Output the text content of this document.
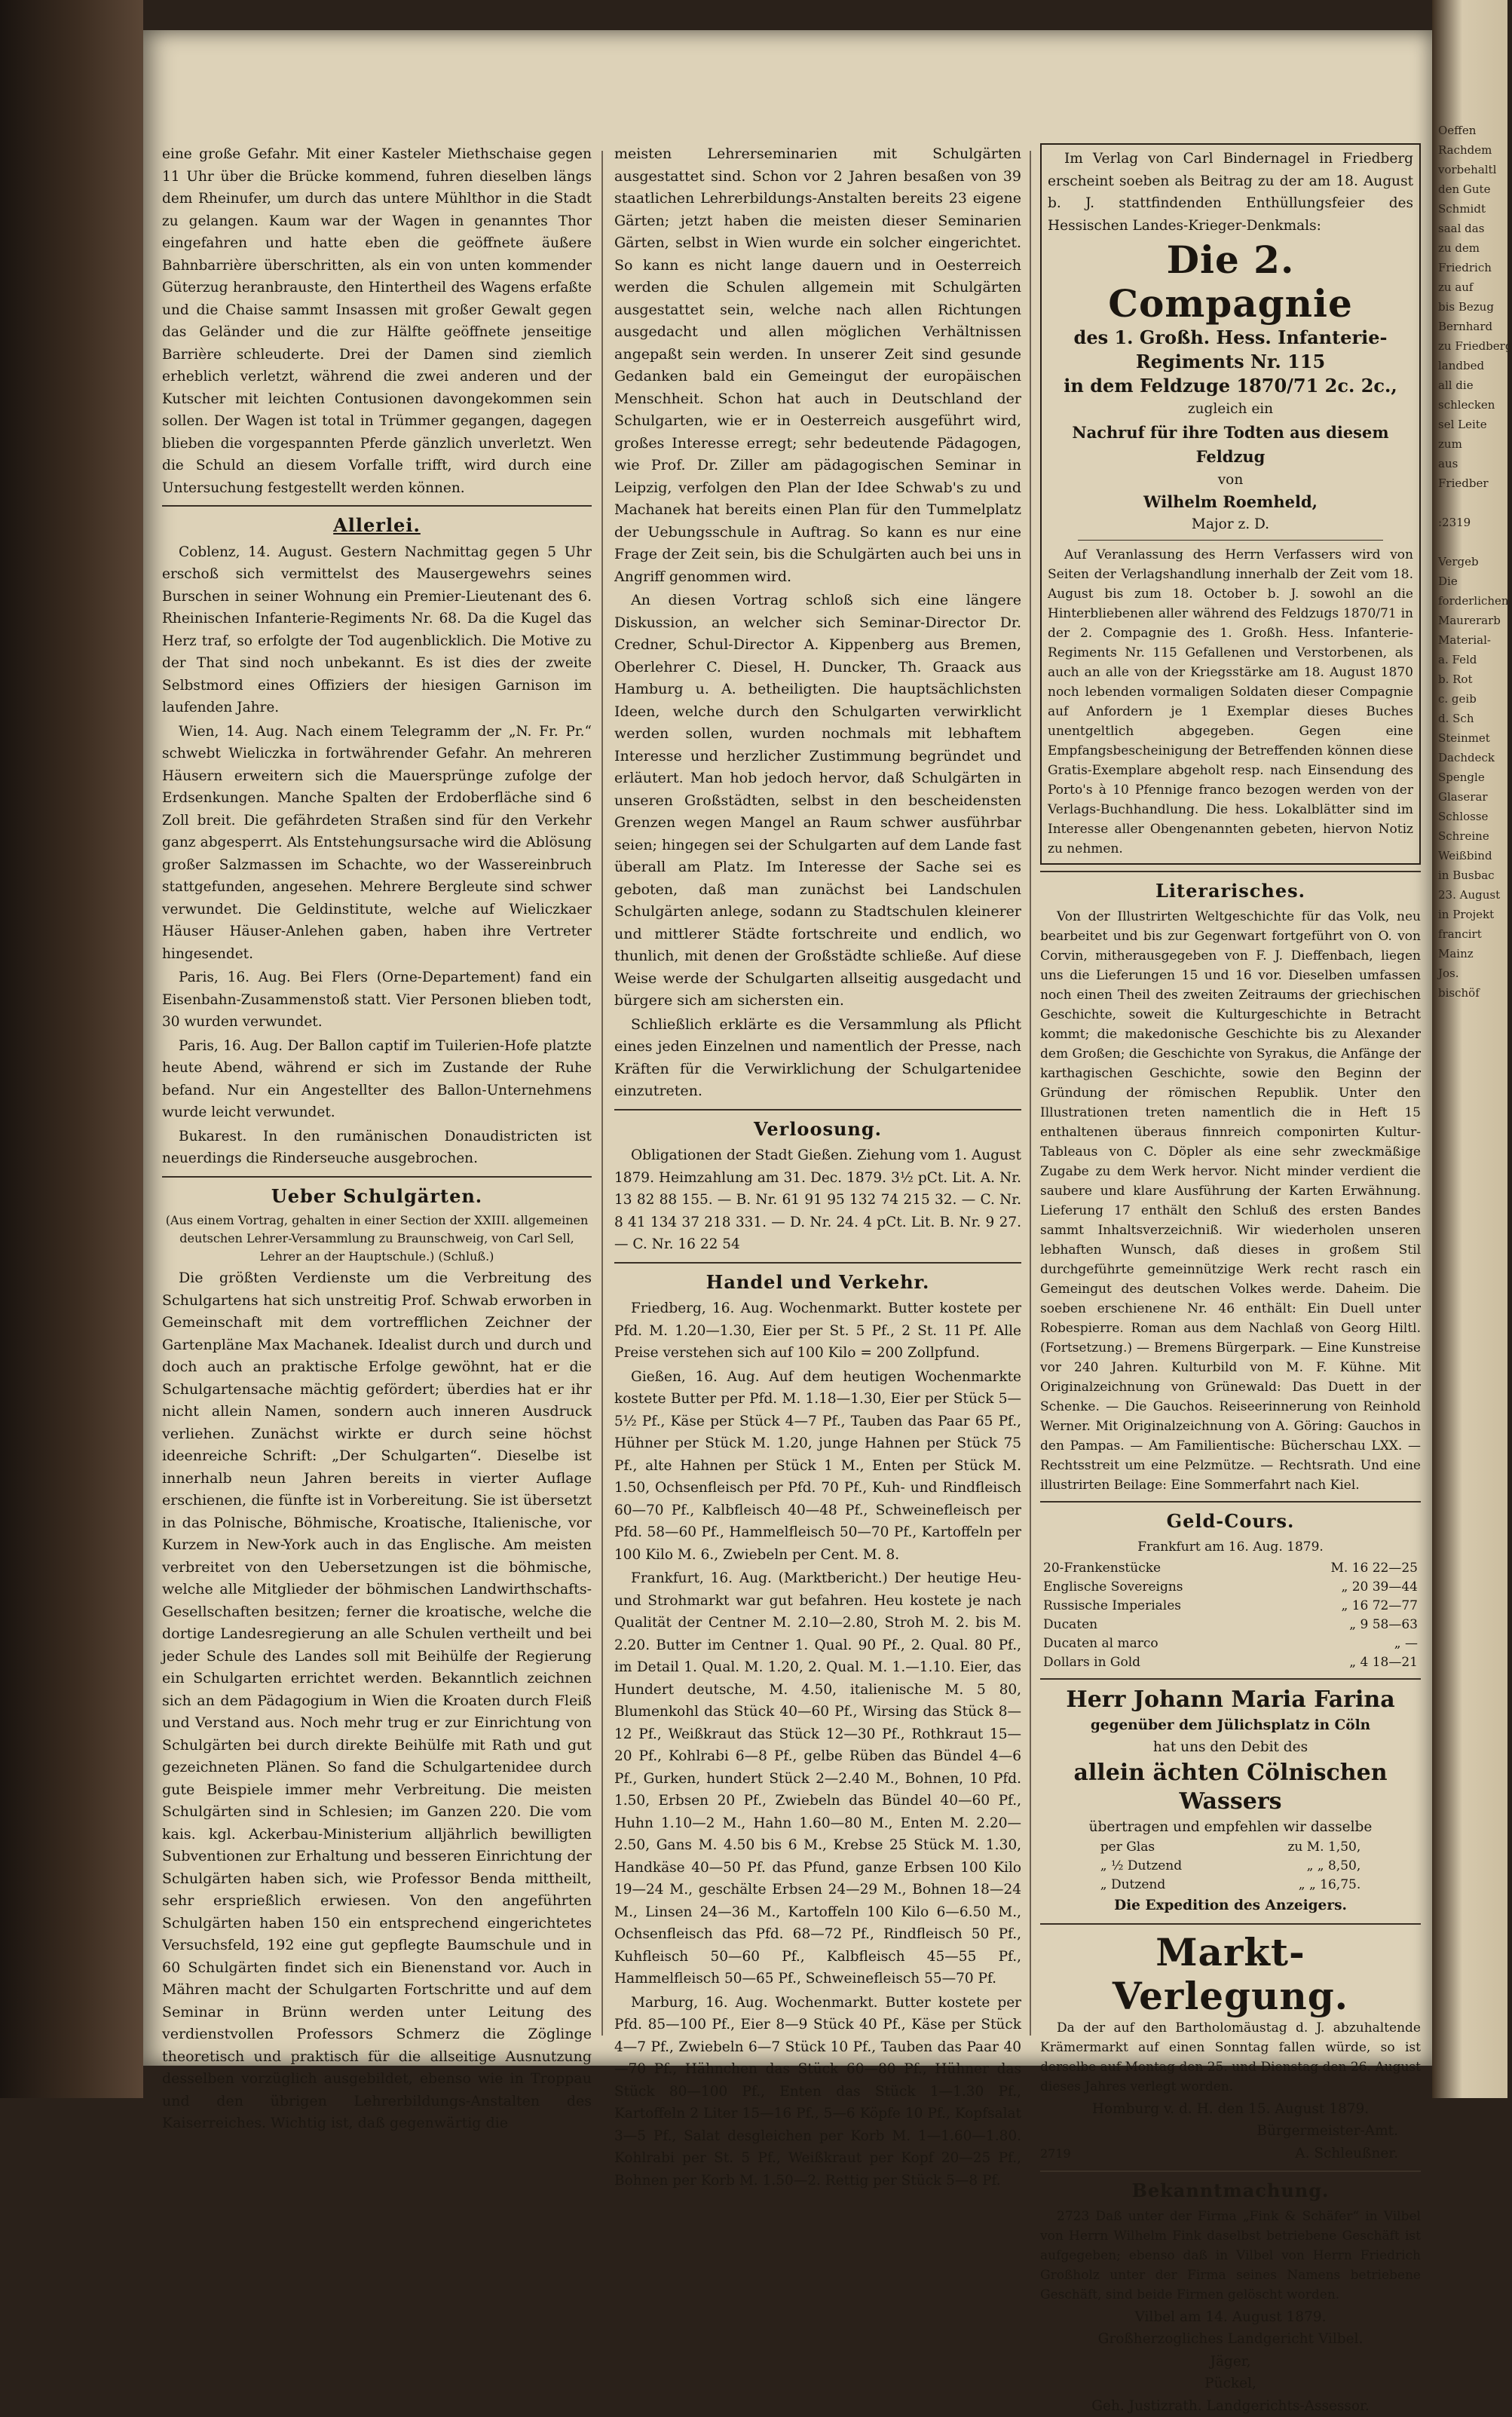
eine große Gefahr. Mit einer Kasteler Miethschaise gegen 11 Uhr über die Brücke kommend, fuhren dieselben längs dem Rheinufer, um durch das untere Mühlthor in die Stadt zu gelangen. Kaum war der Wagen in genanntes Thor eingefahren und hatte eben die geöffnete äußere Bahnbarrière überschritten, als ein von unten kommender Güterzug heranbrauste, den Hintertheil des Wagens erfaßte und die Chaise sammt Insassen mit großer Gewalt gegen das Geländer und die zur Hälfte geöffnete jenseitige Barrière schleuderte. Drei der Damen sind ziemlich erheblich verletzt, während die zwei anderen und der Kutscher mit leichten Contusionen davongekommen sein sollen. Der Wagen ist total in Trümmer gegangen, dagegen blieben die vorgespannten Pferde gänzlich unverletzt. Wen die Schuld an diesem Vorfalle trifft, wird durch eine Untersuchung festgestellt werden können.

Allerlei.

Coblenz, 14. August. Gestern Nachmittag gegen 5 Uhr erschoß sich vermittelst des Mausergewehrs seines Burschen in seiner Wohnung ein Premier-Lieutenant des 6. Rheinischen Infanterie-Regiments Nr. 68. Da die Kugel das Herz traf, so erfolgte der Tod augenblicklich. Die Motive zu der That sind noch unbekannt. Es ist dies der zweite Selbstmord eines Offiziers der hiesigen Garnison im laufenden Jahre.

Wien, 14. Aug. Nach einem Telegramm der „N. Fr. Pr.“ schwebt Wieliczka in fortwährender Gefahr. An mehreren Häusern erweitern sich die Mauersprünge zufolge der Erdsenkungen. Manche Spalten der Erdoberfläche sind 6 Zoll breit. Die gefährdeten Straßen sind für den Verkehr ganz abgesperrt. Als Entstehungsursache wird die Ablösung großer Salzmassen im Schachte, wo der Wassereinbruch stattgefunden, angesehen. Mehrere Bergleute sind schwer verwundet. Die Geldinstitute, welche auf Wieliczkaer Häuser Häuser-Anlehen gaben, haben ihre Vertreter hingesendet.

Paris, 16. Aug. Bei Flers (Orne-Departement) fand ein Eisenbahn-Zusammenstoß statt. Vier Personen blieben todt, 30 wurden verwundet.

Paris, 16. Aug. Der Ballon captif im Tuilerien-Hofe platzte heute Abend, während er sich im Zustande der Ruhe befand. Nur ein Angestellter des Ballon-Unternehmens wurde leicht verwundet.

Bukarest. In den rumänischen Donaudistricten ist neuerdings die Rinderseuche ausgebrochen.

Ueber Schulgärten.

(Aus einem Vortrag, gehalten in einer Section der XXIII. allgemeinen deutschen Lehrer-Versammlung zu Braunschweig, von Carl Sell, Lehrer an der Hauptschule.) (Schluß.)

Die größten Verdienste um die Verbreitung des Schulgartens hat sich unstreitig Prof. Schwab erworben in Gemeinschaft mit dem vortrefflichen Zeichner der Gartenpläne Max Machanek. Idealist durch und durch und doch auch an praktische Erfolge gewöhnt, hat er die Schulgartensache mächtig gefördert; überdies hat er ihr nicht allein Namen, sondern auch inneren Ausdruck verliehen. Zunächst wirkte er durch seine höchst ideenreiche Schrift: „Der Schulgarten“. Dieselbe ist innerhalb neun Jahren bereits in vierter Auflage erschienen, die fünfte ist in Vorbereitung. Sie ist übersetzt in das Polnische, Böhmische, Kroatische, Italienische, vor Kurzem in New-York auch in das Englische. Am meisten verbreitet von den Uebersetzungen ist die böhmische, welche alle Mitglieder der böhmischen Landwirthschafts-Gesellschaften besitzen; ferner die kroatische, welche die dortige Landesregierung an alle Schulen vertheilt und bei jeder Schule des Landes soll mit Beihülfe der Regierung ein Schulgarten errichtet werden. Bekanntlich zeichnen sich an dem Pädagogium in Wien die Kroaten durch Fleiß und Verstand aus. Noch mehr trug er zur Einrichtung von Schulgärten bei durch direkte Beihülfe mit Rath und gut gezeichneten Plänen. So fand die Schulgartenidee durch gute Beispiele immer mehr Verbreitung. Die meisten Schulgärten sind in Schlesien; im Ganzen 220. Die vom kais. kgl. Ackerbau-Ministerium alljährlich bewilligten Subventionen zur Erhaltung und besseren Einrichtung der Schulgärten haben sich, wie Professor Benda mittheilt, sehr ersprießlich erwiesen. Von den angeführten Schulgärten haben 150 ein entsprechend eingerichtetes Versuchsfeld, 192 eine gut gepflegte Baumschule und in 60 Schulgärten findet sich ein Bienenstand vor. Auch in Mähren macht der Schulgarten Fortschritte und auf dem Seminar in Brünn werden unter Leitung des verdienstvollen Professors Schmerz die Zöglinge theoretisch und praktisch für die allseitige Ausnutzung desselben vorzüglich ausgebildet, ebenso wie in Troppau und den übrigen Lehrerbildungs-Anstalten des Kaiserreiches. Wichtig ist, daß gegenwärtig die

meisten Lehrerseminarien mit Schulgärten ausgestattet sind. Schon vor 2 Jahren besaßen von 39 staatlichen Lehrerbildungs-Anstalten bereits 23 eigene Gärten; jetzt haben die meisten dieser Seminarien Gärten, selbst in Wien wurde ein solcher eingerichtet. So kann es nicht lange dauern und in Oesterreich werden die Schulen allgemein mit Schulgärten ausgestattet sein, welche nach allen Richtungen ausgedacht und allen möglichen Verhältnissen angepaßt sein werden. In unserer Zeit sind gesunde Gedanken bald ein Gemeingut der europäischen Menschheit. Schon hat auch in Deutschland der Schulgarten, wie er in Oesterreich ausgeführt wird, großes Interesse erregt; sehr bedeutende Pädagogen, wie Prof. Dr. Ziller am pädagogischen Seminar in Leipzig, verfolgen den Plan der Idee Schwab's zu und Machanek hat bereits einen Plan für den Tummelplatz der Uebungsschule in Auftrag. So kann es nur eine Frage der Zeit sein, bis die Schulgärten auch bei uns in Angriff genommen wird.

An diesen Vortrag schloß sich eine längere Diskussion, an welcher sich Seminar-Director Dr. Credner, Schul-Director A. Kippenberg aus Bremen, Oberlehrer C. Diesel, H. Duncker, Th. Graack aus Hamburg u. A. betheiligten. Die hauptsächlichsten Ideen, welche durch den Schulgarten verwirklicht werden sollen, wurden nochmals mit lebhaftem Interesse und herzlicher Zustimmung begründet und erläutert. Man hob jedoch hervor, daß Schulgärten in unseren Großstädten, selbst in den bescheidensten Grenzen wegen Mangel an Raum schwer ausführbar seien; hingegen sei der Schulgarten auf dem Lande fast überall am Platz. Im Interesse der Sache sei es geboten, daß man zunächst bei Landschulen Schulgärten anlege, sodann zu Stadtschulen kleinerer und mittlerer Städte fortschreite und endlich, wo thunlich, mit denen der Großstädte schließe. Auf diese Weise werde der Schulgarten allseitig ausgedacht und bürgere sich am sichersten ein.

Schließlich erklärte es die Versammlung als Pflicht eines jeden Einzelnen und namentlich der Presse, nach Kräften für die Verwirklichung der Schulgartenidee einzutreten.

Verloosung.

Obligationen der Stadt Gießen. Ziehung vom 1. August 1879. Heimzahlung am 31. Dec. 1879. 3½ pCt. Lit. A. Nr. 13 82 88 155. — B. Nr. 61 91 95 132 74 215 32. — C. Nr. 8 41 134 37 218 331. — D. Nr. 24. 4 pCt. Lit. B. Nr. 9 27. — C. Nr. 16 22 54

Handel und Verkehr.

Friedberg, 16. Aug. Wochenmarkt. Butter kostete per Pfd. M. 1.20—1.30, Eier per St. 5 Pf., 2 St. 11 Pf. Alle Preise verstehen sich auf 100 Kilo = 200 Zollpfund.

Gießen, 16. Aug. Auf dem heutigen Wochenmarkte kostete Butter per Pfd. M. 1.18—1.30, Eier per Stück 5—5½ Pf., Käse per Stück 4—7 Pf., Tauben das Paar 65 Pf., Hühner per Stück M. 1.20, junge Hahnen per Stück 75 Pf., alte Hahnen per Stück 1 M., Enten per Stück M. 1.50, Ochsenfleisch per Pfd. 70 Pf., Kuh- und Rindfleisch 60—70 Pf., Kalbfleisch 40—48 Pf., Schweinefleisch per Pfd. 58—60 Pf., Hammelfleisch 50—70 Pf., Kartoffeln per 100 Kilo M. 6., Zwiebeln per Cent. M. 8.

Frankfurt, 16. Aug. (Marktbericht.) Der heutige Heu- und Strohmarkt war gut befahren. Heu kostete je nach Qualität der Centner M. 2.10—2.80, Stroh M. 2. bis M. 2.20. Butter im Centner 1. Qual. 90 Pf., 2. Qual. 80 Pf., im Detail 1. Qual. M. 1.20, 2. Qual. M. 1.—1.10. Eier, das Hundert deutsche, M. 4.50, italienische M. 5 80, Blumenkohl das Stück 40—60 Pf., Wirsing das Stück 8—12 Pf., Weißkraut das Stück 12—30 Pf., Rothkraut 15—20 Pf., Kohlrabi 6—8 Pf., gelbe Rüben das Bündel 4—6 Pf., Gurken, hundert Stück 2—2.40 M., Bohnen, 10 Pfd. 1.50, Erbsen 20 Pf., Zwiebeln das Bündel 40—60 Pf., Huhn 1.10—2 M., Hahn 1.60—80 M., Enten M. 2.20—2.50, Gans M. 4.50 bis 6 M., Krebse 25 Stück M. 1.30, Handkäse 40—50 Pf. das Pfund, ganze Erbsen 100 Kilo 19—24 M., geschälte Erbsen 24—29 M., Bohnen 18—24 M., Linsen 24—36 M., Kartoffeln 100 Kilo 6—6.50 M., Ochsenfleisch das Pfd. 68—72 Pf., Rindfleisch 50 Pf., Kuhfleisch 50—60 Pf., Kalbfleisch 45—55 Pf., Hammelfleisch 50—65 Pf., Schweinefleisch 55—70 Pf.

Marburg, 16. Aug. Wochenmarkt. Butter kostete per Pfd. 85—100 Pf., Eier 8—9 Stück 40 Pf., Käse per Stück 4—7 Pf., Zwiebeln 6—7 Stück 10 Pf., Tauben das Paar 40—70 Pf., Hähnchen das Stück 60—80 Pf., Hühner das Stück 80—100 Pf., Enten das Stück 1—1.30 Pf., Kartoffeln 2 Liter 15—16 Pf., 5—6 Köpfe 10 Pf., Kopfsalat 3—5 Pf., Salat desgleichen per Korb M. 1—1.60—1.80. Kohlrabi per St. 5 Pf., Weißkraut per Kopf 20—25 Pf., Bohnen per Korb M. 1.50—2. Rettig per Stück 5—8 Pf.

Im Verlag von Carl Bindernagel in Friedberg erscheint soeben als Beitrag zu der am 18. August b. J. stattfindenden Enthüllungsfeier des Hessischen Landes-Krieger-Denkmals:

Die 2. Compagnie
des 1. Großh. Hess. Infanterie-Regiments Nr. 115
in dem Feldzuge 1870/71 2c. 2c.,
zugleich ein
Nachruf für ihre Todten aus diesem Feldzug
von
Wilhelm Roemheld,
Major z. D.

Auf Veranlassung des Herrn Verfassers wird von Seiten der Verlagshandlung innerhalb der Zeit vom 18. August bis zum 18. October b. J. sowohl an die Hinterbliebenen aller während des Feldzugs 1870/71 in der 2. Compagnie des 1. Großh. Hess. Infanterie-Regiments Nr. 115 Gefallenen und Verstorbenen, als auch an alle von der Kriegsstärke am 18. August 1870 noch lebenden vormaligen Soldaten dieser Compagnie auf Anfordern je 1 Exemplar dieses Buches unentgeltlich abgegeben. Gegen eine Empfangsbescheinigung der Betreffenden können diese Gratis-Exemplare abgeholt resp. nach Einsendung des Porto's à 10 Pfennige franco bezogen werden von der Verlags-Buchhandlung. Die hess. Lokalblätter sind im Interesse aller Obengenannten gebeten, hiervon Notiz zu nehmen.

Literarisches.

Von der Illustrirten Weltgeschichte für das Volk, neu bearbeitet und bis zur Gegenwart fortgeführt von O. von Corvin, mitherausgegeben von F. J. Dieffenbach, liegen uns die Lieferungen 15 und 16 vor. Dieselben umfassen noch einen Theil des zweiten Zeitraums der griechischen Geschichte, soweit die Kulturgeschichte in Betracht kommt; die makedonische Geschichte bis zu Alexander dem Großen; die Geschichte von Syrakus, die Anfänge der karthagischen Geschichte, sowie den Beginn der Gründung der römischen Republik. Unter den Illustrationen treten namentlich die in Heft 15 enthaltenen überaus finnreich componirten Kultur-Tableaus von C. Döpler als eine sehr zweckmäßige Zugabe zu dem Werk hervor. Nicht minder verdient die saubere und klare Ausführung der Karten Erwähnung. Lieferung 17 enthält den Schluß des ersten Bandes sammt Inhaltsverzeichniß. Wir wiederholen unseren lebhaften Wunsch, daß dieses in großem Stil durchgeführte gemeinnützige Werk recht rasch ein Gemeingut des deutschen Volkes werde. Daheim. Die soeben erschienene Nr. 46 enthält: Ein Duell unter Robespierre. Roman aus dem Nachlaß von Georg Hiltl. (Fortsetzung.) — Bremens Bürgerpark. — Eine Kunstreise vor 240 Jahren. Kulturbild von M. F. Kühne. Mit Originalzeichnung von Grünewald: Das Duett in der Schenke. — Die Gauchos. Reiseerinnerung von Reinhold Werner. Mit Originalzeichnung von A. Göring: Gauchos in den Pampas. — Am Familientische: Bücherschau LXX. — Rechtsstreit um eine Pelzmütze. — Rechtsrath. Und eine illustrirten Beilage: Eine Sommerfahrt nach Kiel.

Geld-Cours.
Frankfurt am 16. Aug. 1879.
20-Frankenstücke	M. 16 22—25
Englische Sovereigns	„ 20 39—44
Russische Imperiales	„ 16 72—77
Ducaten	„ 9 58—63
Ducaten al marco	„ —
Dollars in Gold	„ 4 18—21
Herr Johann Maria Farina
gegenüber dem Jülichsplatz in Cöln
hat uns den Debit des
allein ächten Cölnischen Wassers
übertragen und empfehlen wir dasselbe
per Glas	zu M. 1,50,
„ ½ Dutzend	„ „ 8,50,
„ Dutzend	„ „ 16,75.
Die Expedition des Anzeigers.
Markt-Verlegung.

Da der auf den Bartholomäustag d. J. abzuhaltende Krämermarkt auf einen Sonntag fallen würde, so ist derselbe auf Montag den 25. und Dienstag den 26. August dieses Jahres verlegt worden.

Homburg v. d. H. den 15. August 1879.
Bürgermeister-Amt.
2719	A. Schleußner.
Bekanntmachung.

2723 Daß unter der Firma „Fink & Schäfer“ in Vilbel von Herrn Wilhelm Fink daselbst betriebene Geschäft ist aufgegeben; ebenso daß in Vilbel von Herrn Friedrich Großholz unter der Firma seines Namens betriebene Geschäft, sind beide Firmen gelöscht worden.

Vilbel am 14. August 1879.
Großherzogliches Landgericht Vilbel.
Jäger,
Pückel,
Geh. Justizrath. Landgerichts-Assessor.
Oeffen
Rachdem
vorbehaltl
den Gute
Schmidt
saal das
zu dem
Friedrich
zu auf
bis Bezug
Bernhard
zu Friedberg
landbed
all die
schlecken
sel Leite
zum
aus
Friedber

:2319

Vergeb
Die
forderlichen
Maurerarb
Material-
a. Feld
b. Rot
c. geib
d. Sch
Steinmet
Dachdeck
Spengle
Glaserar
Schlosse
Schreine
Weißbind
in Busbac
23. August
in Projekt
francirt
Mainz
Jos.
bischöf
